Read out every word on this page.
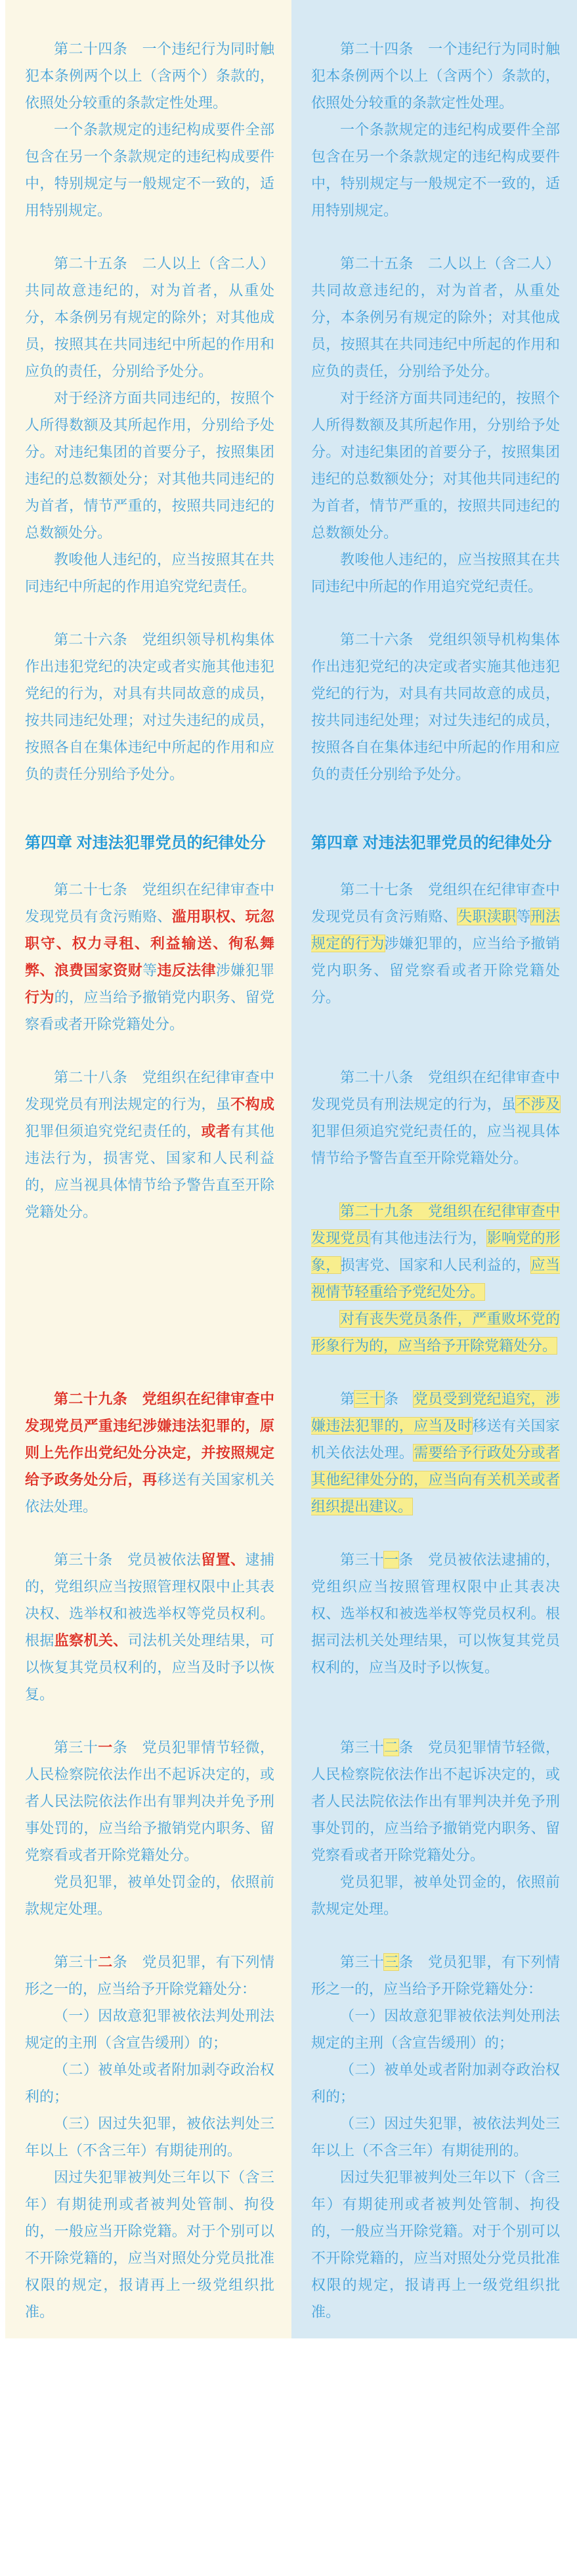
第二十四条　一个违纪行为同时触犯本条例两个以上（含两个）条款的，依照处分较重的条款定性处理。

一个条款规定的违纪构成要件全部包含在另一个条款规定的违纪构成要件中，特别规定与一般规定不一致的，适用特别规定。

第二十四条　一个违纪行为同时触犯本条例两个以上（含两个）条款的，依照处分较重的条款定性处理。

一个条款规定的违纪构成要件全部包含在另一个条款规定的违纪构成要件中，特别规定与一般规定不一致的，适用特别规定。

第二十五条　二人以上（含二人）共同故意违纪的，对为首者，从重处分，本条例另有规定的除外；对其他成员，按照其在共同违纪中所起的作用和应负的责任，分别给予处分。

对于经济方面共同违纪的，按照个人所得数额及其所起作用，分别给予处分。对违纪集团的首要分子，按照集团违纪的总数额处分；对其他共同违纪的为首者，情节严重的，按照共同违纪的总数额处分。

教唆他人违纪的，应当按照其在共同违纪中所起的作用追究党纪责任。

第二十五条　二人以上（含二人）共同故意违纪的，对为首者，从重处分，本条例另有规定的除外；对其他成员，按照其在共同违纪中所起的作用和应负的责任，分别给予处分。

对于经济方面共同违纪的，按照个人所得数额及其所起作用，分别给予处分。对违纪集团的首要分子，按照集团违纪的总数额处分；对其他共同违纪的为首者，情节严重的，按照共同违纪的总数额处分。

教唆他人违纪的，应当按照其在共同违纪中所起的作用追究党纪责任。

第二十六条　党组织领导机构集体作出违犯党纪的决定或者实施其他违犯党纪的行为，对具有共同故意的成员，按共同违纪处理；对过失违纪的成员，按照各自在集体违纪中所起的作用和应负的责任分别给予处分。

第二十六条　党组织领导机构集体作出违犯党纪的决定或者实施其他违犯党纪的行为，对具有共同故意的成员，按共同违纪处理；对过失违纪的成员，按照各自在集体违纪中所起的作用和应负的责任分别给予处分。

第四章 对违法犯罪党员的纪律处分	第四章 对违法犯罪党员的纪律处分

第二十七条　党组织在纪律审查中发现党员有贪污贿赂、滥用职权、玩忽职守、权力寻租、利益输送、徇私舞弊、浪费国家资财等违反法律涉嫌犯罪行为的，应当给予撤销党内职务、留党察看或者开除党籍处分。

第二十七条　党组织在纪律审查中发现党员有贪污贿赂、失职渎职等刑法规定的行为涉嫌犯罪的，应当给予撤销党内职务、留党察看或者开除党籍处分。

第二十八条　党组织在纪律审查中发现党员有刑法规定的行为，虽不构成犯罪但须追究党纪责任的，或者有其他违法行为，损害党、国家和人民利益的，应当视具体情节给予警告直至开除党籍处分。

第二十八条　党组织在纪律审查中发现党员有刑法规定的行为，虽不涉及犯罪但须追究党纪责任的，应当视具体情节给予警告直至开除党籍处分。

第二十九条　党组织在纪律审查中发现党员有其他违法行为，影响党的形象，损害党、国家和人民利益的，应当视情节轻重给予党纪处分。

对有丧失党员条件，严重败坏党的形象行为的，应当给予开除党籍处分。

第二十九条　党组织在纪律审查中发现党员严重违纪涉嫌违法犯罪的，原则上先作出党纪处分决定，并按照规定给予政务处分后，再移送有关国家机关依法处理。

第三十条　党员受到党纪追究，涉嫌违法犯罪的，应当及时移送有关国家机关依法处理。需要给予行政处分或者其他纪律处分的，应当向有关机关或者组织提出建议。

第三十条　党员被依法留置、逮捕的，党组织应当按照管理权限中止其表决权、选举权和被选举权等党员权利。根据监察机关、司法机关处理结果，可以恢复其党员权利的，应当及时予以恢复。

第三十一条　党员被依法逮捕的，党组织应当按照管理权限中止其表决权、选举权和被选举权等党员权利。根据司法机关处理结果，可以恢复其党员权利的，应当及时予以恢复。

第三十一条　党员犯罪情节轻微，人民检察院依法作出不起诉决定的，或者人民法院依法作出有罪判决并免予刑事处罚的，应当给予撤销党内职务、留党察看或者开除党籍处分。

党员犯罪，被单处罚金的，依照前款规定处理。

第三十二条　党员犯罪情节轻微，人民检察院依法作出不起诉决定的，或者人民法院依法作出有罪判决并免予刑事处罚的，应当给予撤销党内职务、留党察看或者开除党籍处分。

党员犯罪，被单处罚金的，依照前款规定处理。

第三十二条　党员犯罪，有下列情形之一的，应当给予开除党籍处分：

（一）因故意犯罪被依法判处刑法规定的主刑（含宣告缓刑）的；

（二）被单处或者附加剥夺政治权利的；

（三）因过失犯罪，被依法判处三年以上（不含三年）有期徒刑的。

因过失犯罪被判处三年以下（含三年）有期徒刑或者被判处管制、拘役的，一般应当开除党籍。对于个别可以不开除党籍的，应当对照处分党员批准权限的规定，报请再上一级党组织批准。

第三十三条　党员犯罪，有下列情形之一的，应当给予开除党籍处分：

（一）因故意犯罪被依法判处刑法规定的主刑（含宣告缓刑）的；

（二）被单处或者附加剥夺政治权利的；

（三）因过失犯罪，被依法判处三年以上（不含三年）有期徒刑的。

因过失犯罪被判处三年以下（含三年）有期徒刑或者被判处管制、拘役的，一般应当开除党籍。对于个别可以不开除党籍的，应当对照处分党员批准权限的规定，报请再上一级党组织批准。
